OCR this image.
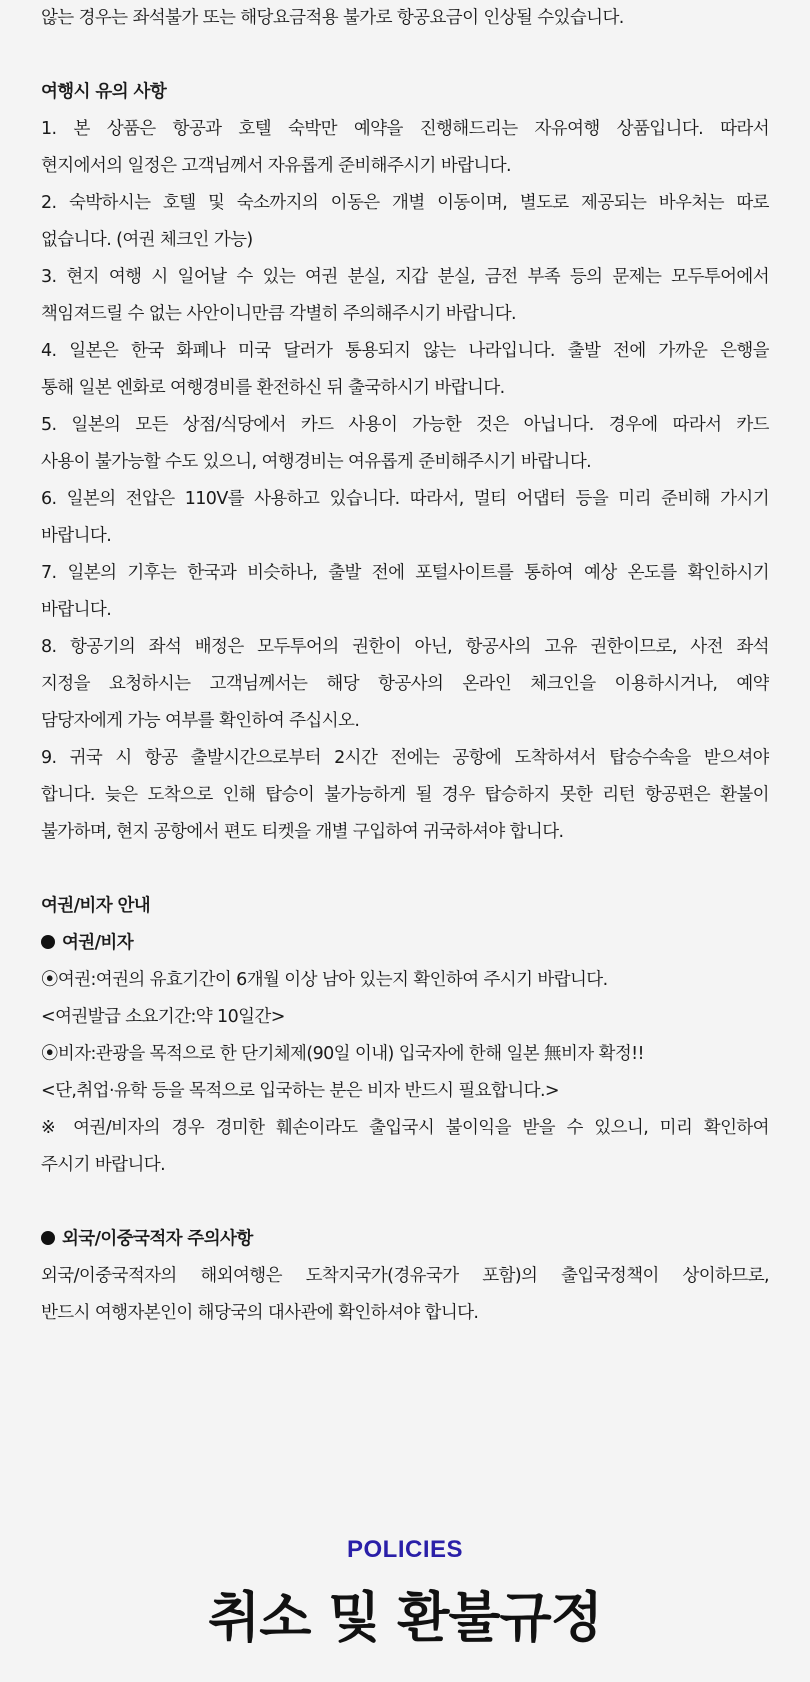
않는 경우는 좌석불가 또는 해당요금적용 불가로 항공요금이 인상될 수있습니다.
여행시 유의 사항
1. 본 상품은 항공과 호텔 숙박만 예약을 진행해드리는 자유여행 상품입니다. 따라서
현지에서의 일정은 고객님께서 자유롭게 준비해주시기 바랍니다.
2. 숙박하시는 호텔 및 숙소까지의 이동은 개별 이동이며, 별도로 제공되는 바우처는 따로
없습니다. (여권 체크인 가능)
3. 현지 여행 시 일어날 수 있는 여권 분실, 지갑 분실, 금전 부족 등의 문제는 모두투어에서
책임져드릴 수 없는 사안이니만큼 각별히 주의해주시기 바랍니다.
4. 일본은 한국 화폐나 미국 달러가 통용되지 않는 나라입니다. 출발 전에 가까운 은행을
통해 일본 엔화로 여행경비를 환전하신 뒤 출국하시기 바랍니다.
5. 일본의 모든 상점/식당에서 카드 사용이 가능한 것은 아닙니다. 경우에 따라서 카드
사용이 불가능할 수도 있으니, 여행경비는 여유롭게 준비해주시기 바랍니다.
6. 일본의 전압은 110V를 사용하고 있습니다. 따라서, 멀티 어댑터 등을 미리 준비해 가시기
바랍니다.
7. 일본의 기후는 한국과 비슷하나, 출발 전에 포털사이트를 통하여 예상 온도를 확인하시기
바랍니다.
8. 항공기의 좌석 배정은 모두투어의 권한이 아닌, 항공사의 고유 권한이므로, 사전 좌석
지정을 요청하시는 고객님께서는 해당 항공사의 온라인 체크인을 이용하시거나, 예약
담당자에게 가능 여부를 확인하여 주십시오.
9. 귀국 시 항공 출발시간으로부터 2시간 전에는 공항에 도착하셔서 탑승수속을 받으셔야
합니다. 늦은 도착으로 인해 탑승이 불가능하게 될 경우 탑승하지 못한 리턴 항공편은 환불이
불가하며, 현지 공항에서 편도 티켓을 개별 구입하여 귀국하셔야 합니다.
여권/비자 안내
여권/비자
⦿여권:여권의 유효기간이 6개월 이상 남아 있는지 확인하여 주시기 바랍니다.
<여권발급 소요기간:약 10일간>
⦿비자:관광을 목적으로 한 단기체제(90일 이내) 입국자에 한해 일본 無비자 확정!!
<단,취업·유학 등을 목적으로 입국하는 분은 비자 반드시 필요합니다.>
※ 여권/비자의 경우 경미한 훼손이라도 출입국시 불이익을 받을 수 있으니, 미리 확인하여
주시기 바랍니다.
외국/이중국적자 주의사항
외국/이중국적자의 해외여행은 도착지국가(경유국가 포함)의 출입국정책이 상이하므로,
반드시 여행자본인이 해당국의 대사관에 확인하셔야 합니다.
POLICIES
취소 및 환불규정
